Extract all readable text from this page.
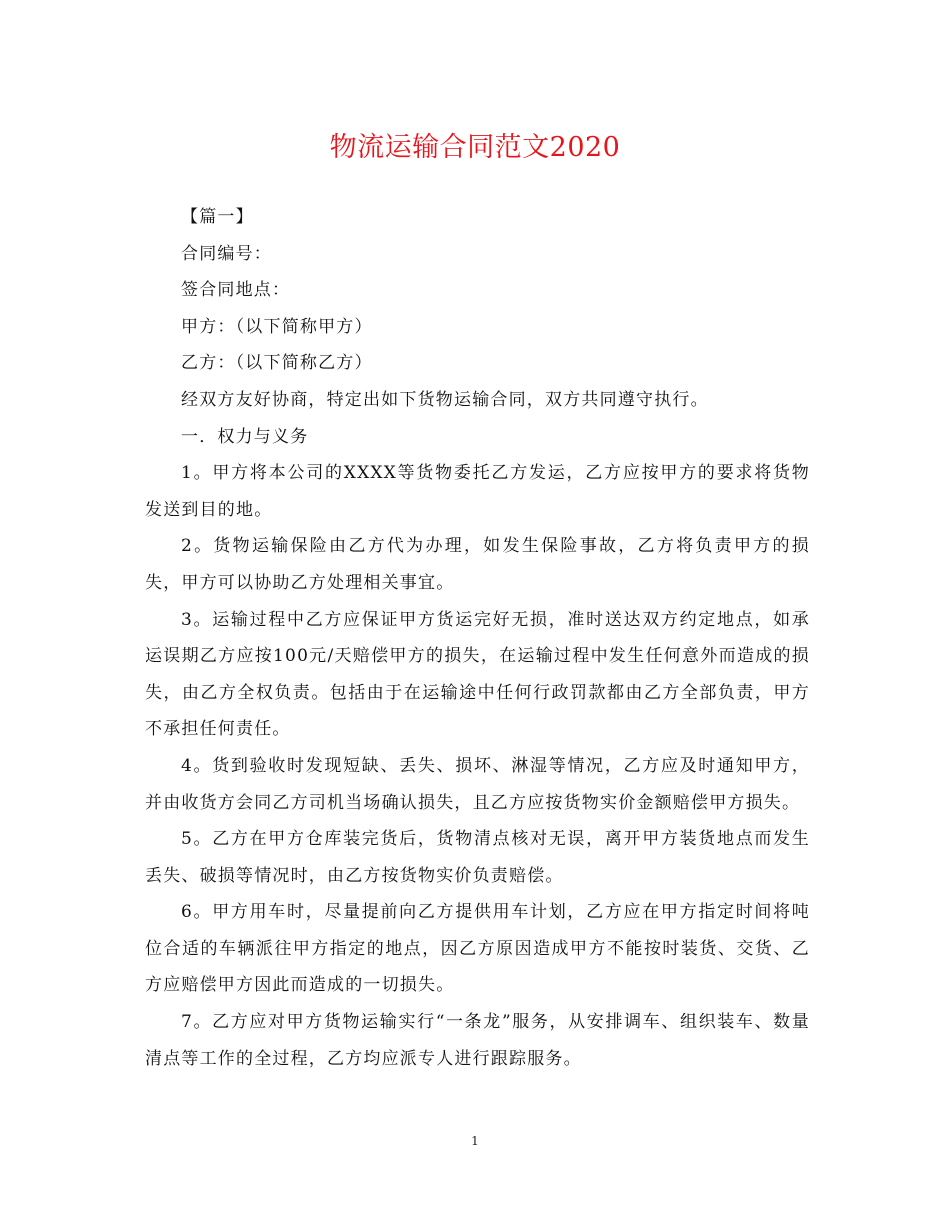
物流运输合同范文2020

【篇一】

合同编号：

签合同地点：

甲方：（以下简称甲方）

乙方：（以下简称乙方）

经双方友好协商，特定出如下货物运输合同，双方共同遵守执行。

一．权力与义务

1。甲方将本公司的XXXX等货物委托乙方发运，乙方应按甲方的要求将货物发送到目的地。

2。货物运输保险由乙方代为办理，如发生保险事故，乙方将负责甲方的损失，甲方可以协助乙方处理相关事宜。

3。运输过程中乙方应保证甲方货运完好无损，准时送达双方约定地点，如承运误期乙方应按100元/天赔偿甲方的损失，在运输过程中发生任何意外而造成的损失，由乙方全权负责。包括由于在运输途中任何行政罚款都由乙方全部负责，甲方不承担任何责任。

4。货到验收时发现短缺、丢失、损坏、淋湿等情况，乙方应及时通知甲方，并由收货方会同乙方司机当场确认损失，且乙方应按货物实价金额赔偿甲方损失。

5。乙方在甲方仓库装完货后，货物清点核对无误，离开甲方装货地点而发生丢失、破损等情况时，由乙方按货物实价负责赔偿。

6。甲方用车时，尽量提前向乙方提供用车计划，乙方应在甲方指定时间将吨位合适的车辆派往甲方指定的地点，因乙方原因造成甲方不能按时装货、交货、乙方应赔偿甲方因此而造成的一切损失。

7。乙方应对甲方货物运输实行“一条龙”服务，从安排调车、组织装车、数量清点等工作的全过程，乙方均应派专人进行跟踪服务。

1
